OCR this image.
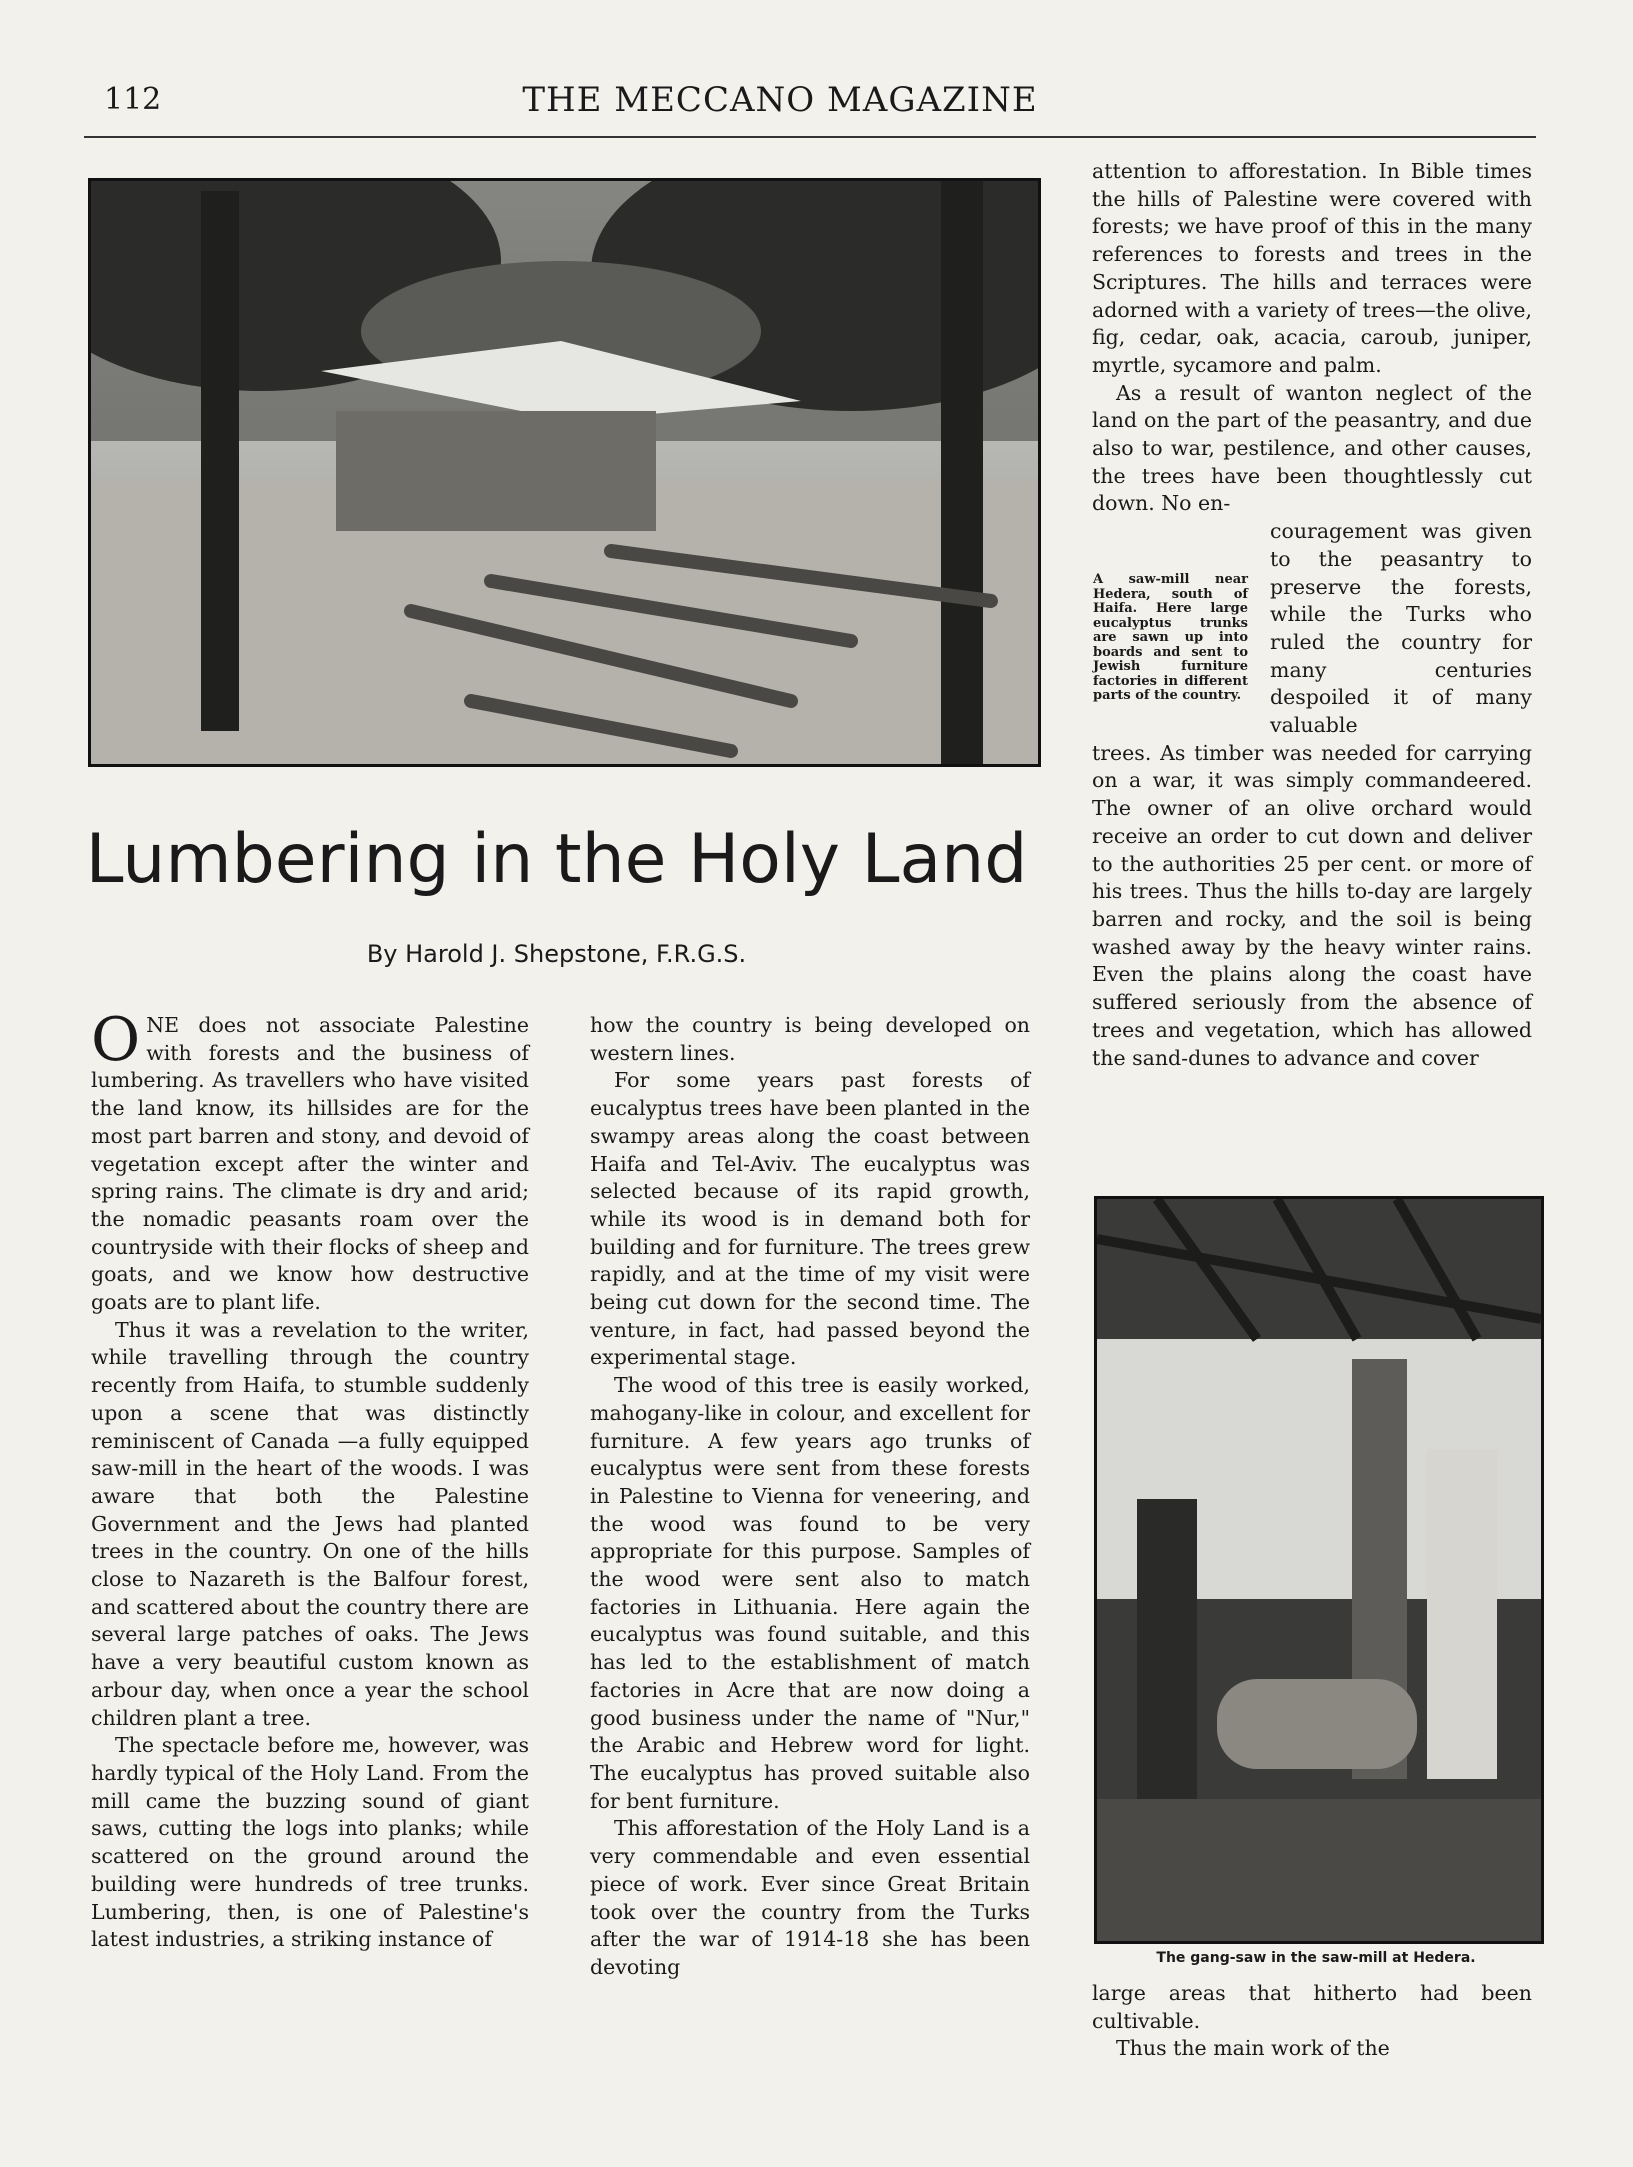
112	THE MECCANO MAGAZINE
A saw-mill near Hedera, south of Haifa. Here large eucalyptus trunks are sawn up into boards and sent to Jewish furniture factories in different parts of the country.
Lumbering in the Holy Land
By Harold J. Shepstone, F.R.G.S.

ONE does not associate Palestine with forests and the business of lumbering. As travellers who have visited the land know, its hillsides are for the most part barren and stony, and devoid of vegetation except after the winter and spring rains. The climate is dry and arid; the nomadic peasants roam over the countryside with their flocks of sheep and goats, and we know how destructive goats are to plant life.

Thus it was a revelation to the writer, while travelling through the country recently from Haifa, to stumble suddenly upon a scene that was distinctly reminiscent of Canada —a fully equipped saw-mill in the heart of the woods. I was aware that both the Palestine Government and the Jews had planted trees in the country. On one of the hills close to Nazareth is the Balfour forest, and scattered about the country there are several large patches of oaks. The Jews have a very beautiful custom known as arbour day, when once a year the school children plant a tree.

The spectacle before me, however, was hardly typical of the Holy Land. From the mill came the buzzing sound of giant saws, cutting the logs into planks; while scattered on the ground around the building were hundreds of tree trunks. Lumbering, then, is one of Palestine's latest industries, a striking instance of

how the country is being developed on western lines.

For some years past forests of eucalyptus trees have been planted in the swampy areas along the coast between Haifa and Tel-Aviv. The eucalyptus was selected because of its rapid growth, while its wood is in demand both for building and for furniture. The trees grew rapidly, and at the time of my visit were being cut down for the second time. The venture, in fact, had passed beyond the experimental stage.

The wood of this tree is easily worked, mahogany-like in colour, and excellent for furniture. A few years ago trunks of eucalyptus were sent from these forests in Palestine to Vienna for veneering, and the wood was found to be very appropriate for this purpose. Samples of the wood were sent also to match factories in Lithuania. Here again the eucalyptus was found suitable, and this has led to the establishment of match factories in Acre that are now doing a good business under the name of "Nur," the Arabic and Hebrew word for light. The eucalyptus has proved suitable also for bent furniture.

This afforestation of the Holy Land is a very commendable and even essential piece of work. Ever since Great Britain took over the country from the Turks after the war of 1914-18 she has been devoting

attention to afforestation. In Bible times the hills of Palestine were covered with forests; we have proof of this in the many references to forests and trees in the Scriptures. The hills and terraces were adorned with a variety of trees—the olive, fig, cedar, oak, acacia, caroub, juniper, myrtle, sycamore and palm.

As a result of wanton neglect of the land on the part of the peasantry, and due also to war, pestilence, and other causes, the trees have been thoughtlessly cut down. No en-

couragement was given to the peasantry to preserve the forests, while the Turks who ruled the country for many centuries despoiled it of many valuable

trees. As timber was needed for carrying on a war, it was simply commandeered. The owner of an olive orchard would receive an order to cut down and deliver to the authorities 25 per cent. or more of his trees. Thus the hills to-day are largely barren and rocky, and the soil is being washed away by the heavy winter rains. Even the plains along the coast have suffered seriously from the absence of trees and vegetation, which has allowed the sand-dunes to advance and cover

The gang-saw in the saw-mill at Hedera.

large areas that hitherto had been cultivable.

Thus the main work of the
